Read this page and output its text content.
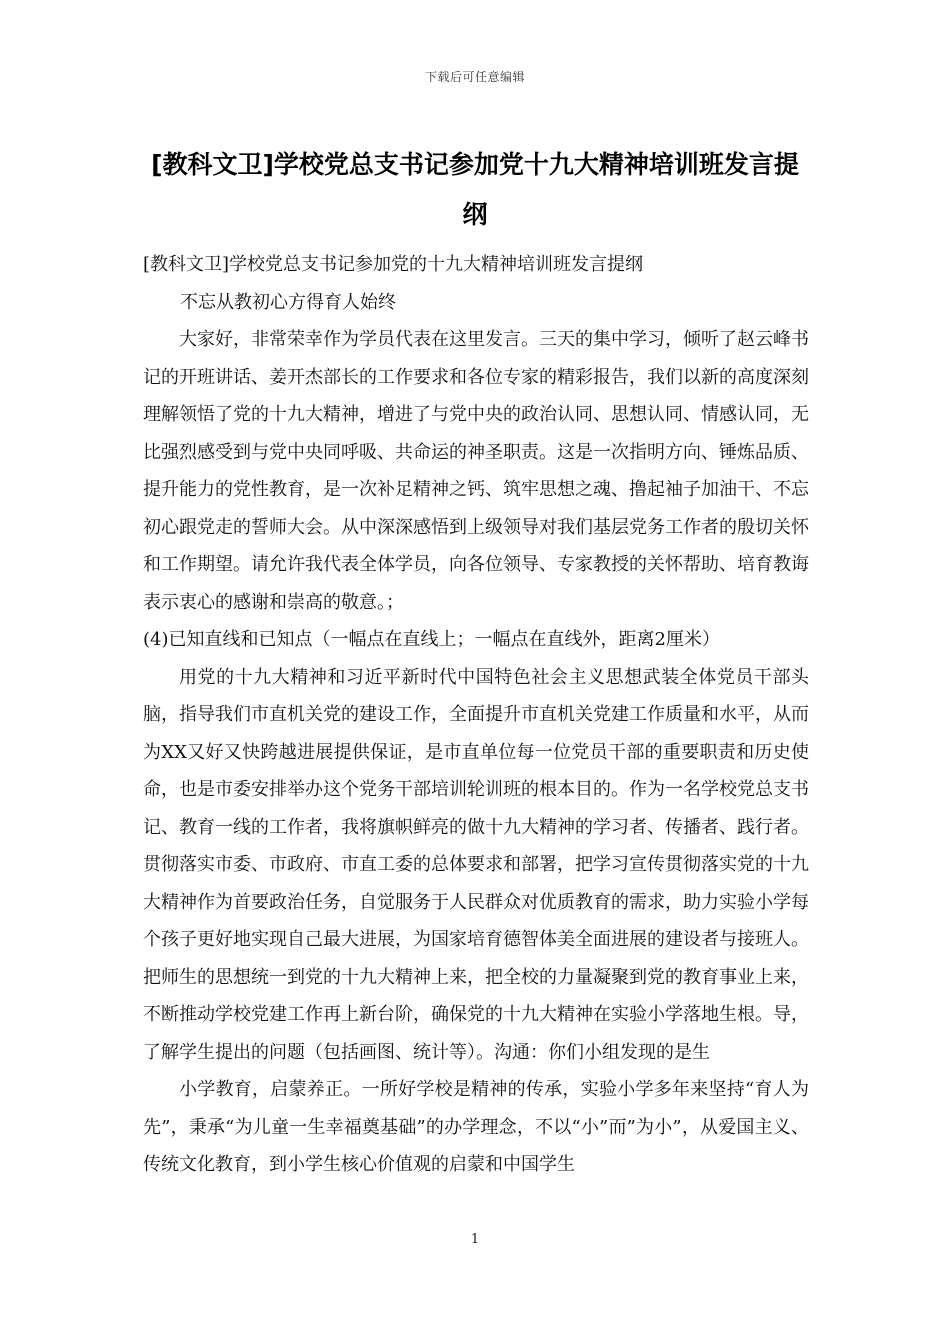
下载后可任意编辑
[教科文卫]学校党总支书记参加党十九大精神培训班发言提纲

[教科文卫]学校党总支书记参加党的十九大精神培训班发言提纲

不忘从教初心方得育人始终

大家好，非常荣幸作为学员代表在这里发言。三天的集中学习，倾听了赵云峰书记的开班讲话、姜开杰部长的工作要求和各位专家的精彩报告，我们以新的高度深刻理解领悟了党的十九大精神，增进了与党中央的政治认同、思想认同、情感认同，无比强烈感受到与党中央同呼吸、共命运的神圣职责。这是一次指明方向、锤炼品质、提升能力的党性教育，是一次补足精神之钙、筑牢思想之魂、撸起袖子加油干、不忘初心跟党走的誓师大会。从中深深感悟到上级领导对我们基层党务工作者的殷切关怀和工作期望。请允许我代表全体学员，向各位领导、专家教授的关怀帮助、培育教诲表示衷心的感谢和崇高的敬意。；

(4)已知直线和已知点（一幅点在直线上；一幅点在直线外，距离2厘米）

用党的十九大精神和习近平新时代中国特色社会主义思想武装全体党员干部头脑，指导我们市直机关党的建设工作，全面提升市直机关党建工作质量和水平，从而为XX又好又快跨越进展提供保证，是市直单位每一位党员干部的重要职责和历史使命，也是市委安排举办这个党务干部培训轮训班的根本目的。作为一名学校党总支书记、教育一线的工作者，我将旗帜鲜亮的做十九大精神的学习者、传播者、践行者。贯彻落实市委、市政府、市直工委的总体要求和部署，把学习宣传贯彻落实党的十九大精神作为首要政治任务，自觉服务于人民群众对优质教育的需求，助力实验小学每个孩子更好地实现自己最大进展，为国家培育德智体美全面进展的建设者与接班人。把师生的思想统一到党的十九大精神上来，把全校的力量凝聚到党的教育事业上来，不断推动学校党建工作再上新台阶，确保党的十九大精神在实验小学落地生根。导，了解学生提出的问题（包括画图、统计等）。沟通：你们小组发现的是生

小学教育，启蒙养正。一所好学校是精神的传承，实验小学多年来坚持“育人为先”，秉承“为儿童一生幸福奠基础”的办学理念，不以“小”而”为小”，从爱国主义、传统文化教育，到小学生核心价值观的启蒙和中国学生

1
